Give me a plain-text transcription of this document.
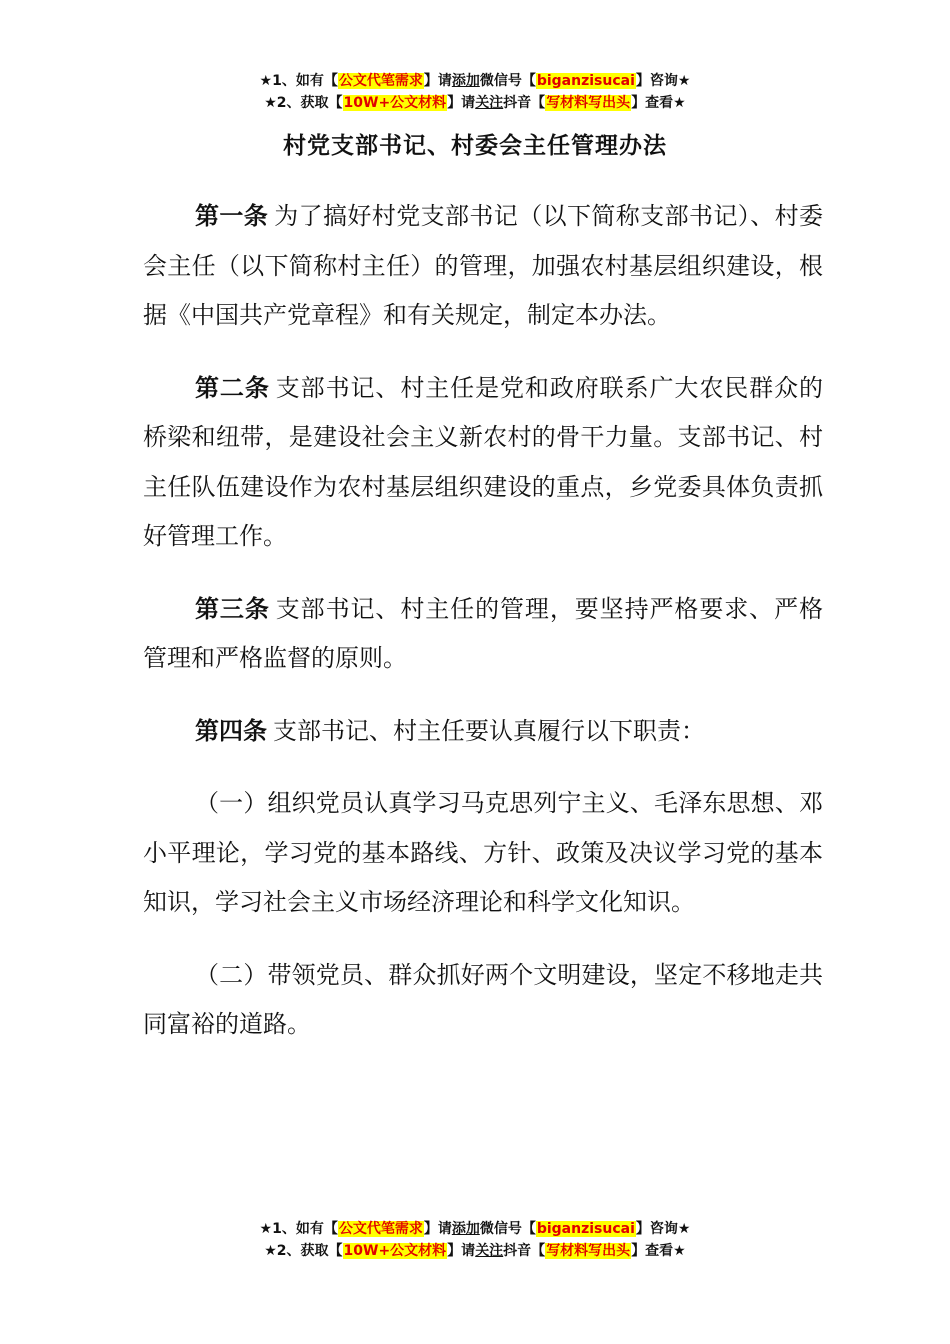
★1、如有【公文代笔需求】请添加微信号【biganzisucai】咨询★
★2、获取【10W+公文材料】请关注抖音【写材料写出头】查看★
村党支部书记、村委会主任管理办法

第一条 为了搞好村党支部书记（以下简称支部书记）、村委会主任（以下简称村主任）的管理，加强农村基层组织建设，根据《中国共产党章程》和有关规定，制定本办法。

第二条 支部书记、村主任是党和政府联系广大农民群众的桥梁和纽带，是建设社会主义新农村的骨干力量。支部书记、村主任队伍建设作为农村基层组织建设的重点，乡党委具体负责抓好管理工作。

第三条 支部书记、村主任的管理，要坚持严格要求、严格管理和严格监督的原则。

第四条 支部书记、村主任要认真履行以下职责：

（一）组织党员认真学习马克思列宁主义、毛泽东思想、邓小平理论，学习党的基本路线、方针、政策及决议学习党的基本知识，学习社会主义市场经济理论和科学文化知识。

（二）带领党员、群众抓好两个文明建设，坚定不移地走共同富裕的道路。

★1、如有【公文代笔需求】请添加微信号【biganzisucai】咨询★
★2、获取【10W+公文材料】请关注抖音【写材料写出头】查看★
